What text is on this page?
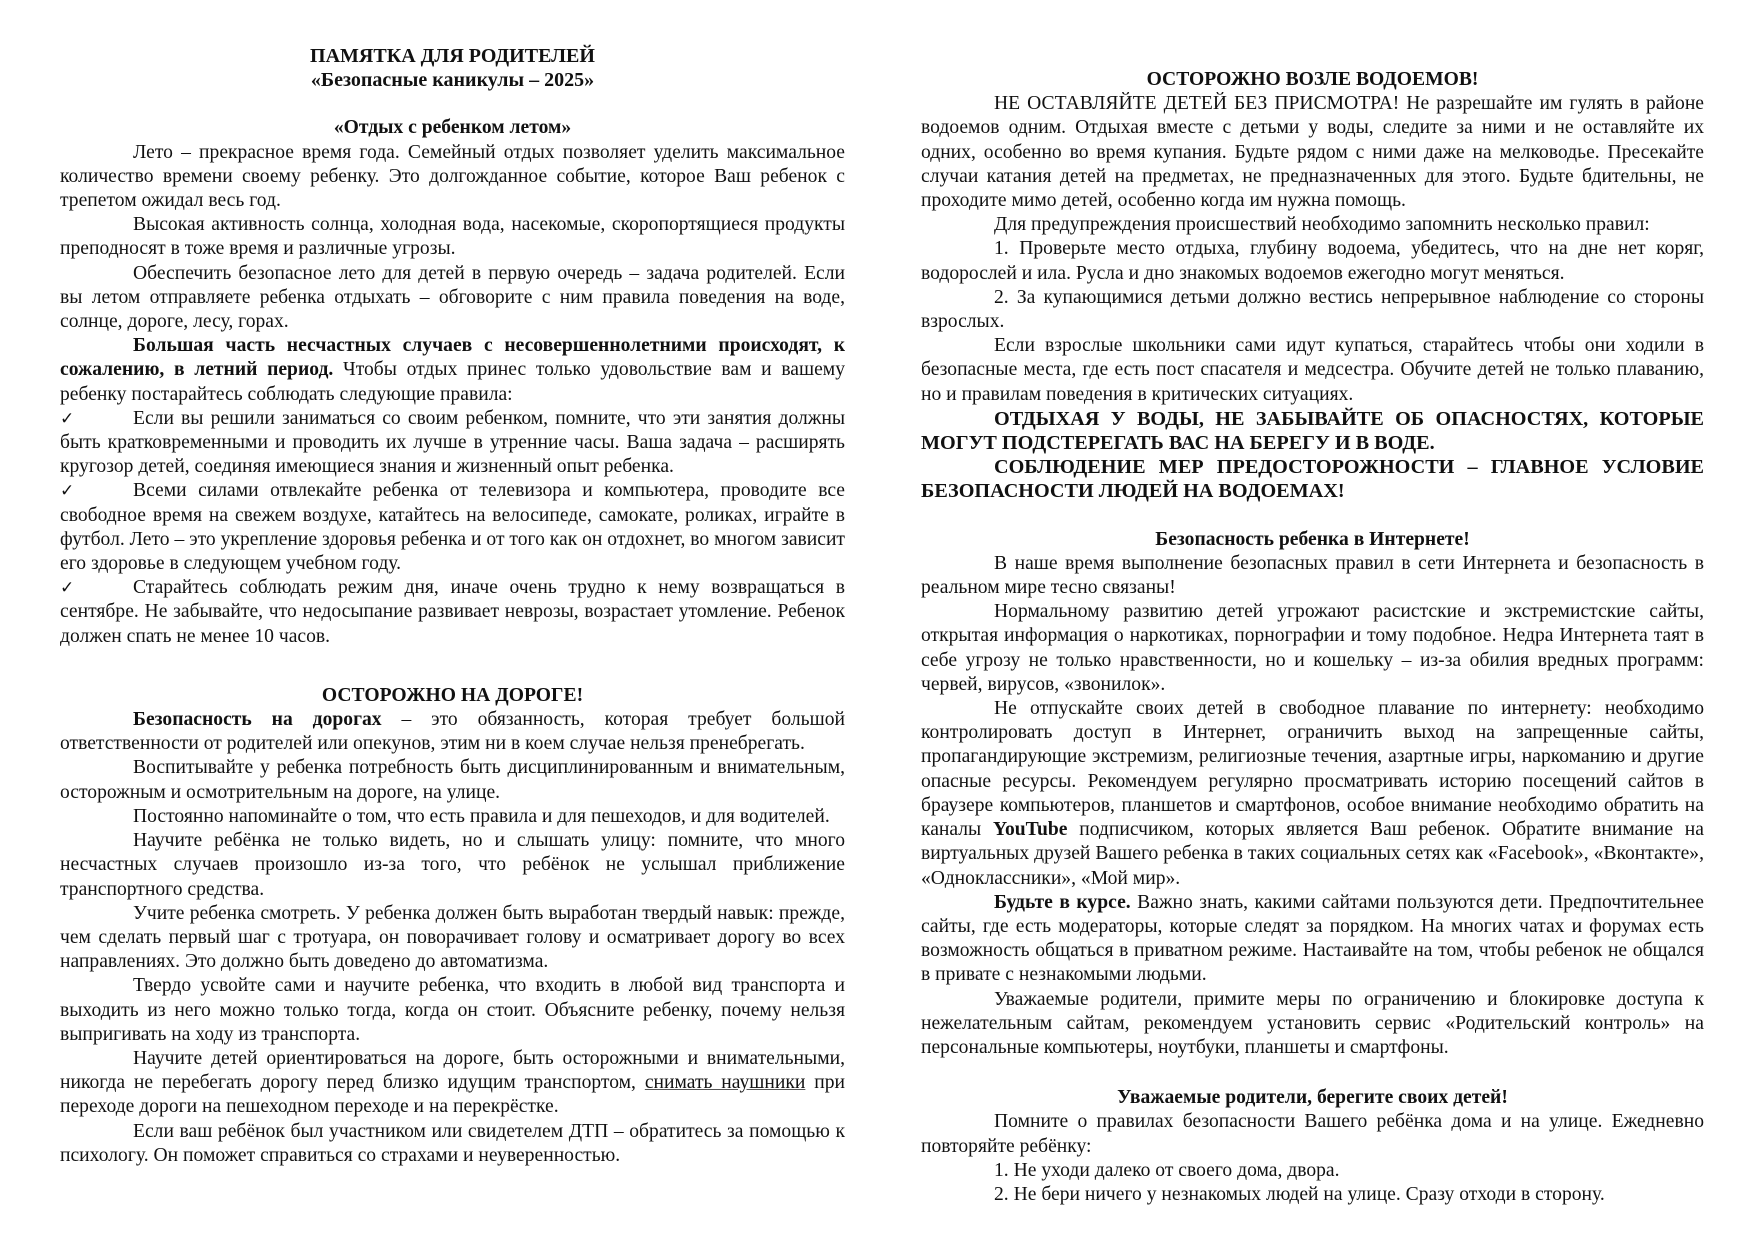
ПАМЯТКА ДЛЯ РОДИТЕЛЕЙ
«Безопасные каникулы – 2025»
«Отдых с ребенком летом»

Лето – прекрасное время года. Семейный отдых позволяет уделить максимальное количество времени своему ребенку. Это долгожданное событие, которое Ваш ребенок с трепетом ожидал весь год.

Высокая активность солнца, холодная вода, насекомые, скоропортящиеся продукты преподносят в тоже время и различные угрозы.

Обеспечить безопасное лето для детей в первую очередь – задача родителей. Если вы летом отправляете ребенка отдыхать – обговорите с ним правила поведения на воде, солнце, дороге, лесу, горах.

Большая часть несчастных случаев с несовершеннолетними происходят, к сожалению, в летний период. Чтобы отдых принес только удовольствие вам и вашему ребенку постарайтесь соблюдать следующие правила:

✓	Если вы решили заниматься со своим ребенком, помните, что эти занятия должны быть кратковременными и проводить их лучше в утренние часы. Ваша задача – расширять кругозор детей, соединяя имеющиеся знания и жизненный опыт ребенка.

✓	Всеми силами отвлекайте ребенка от телевизора и компьютера, проводите все свободное время на свежем воздухе, катайтесь на велосипеде, самокате, роликах, играйте в футбол. Лето – это укрепление здоровья ребенка и от того как он отдохнет, во многом зависит его здоровье в следующем учебном году.

✓	Старайтесь соблюдать режим дня, иначе очень трудно к нему возвращаться в сентябре. Не забывайте, что недосыпание развивает неврозы, возрастает утомление. Ребенок должен спать не менее 10 часов.

ОСТОРОЖНО НА ДОРОГЕ!

Безопасность на дорогах – это обязанность, которая требует большой ответственности от родителей или опекунов, этим ни в коем случае нельзя пренебрегать.

Воспитывайте у ребенка потребность быть дисциплинированным и внимательным, осторожным и осмотрительным на дороге, на улице.

Постоянно напоминайте о том, что есть правила и для пешеходов, и для водителей.

Научите ребёнка не только видеть, но и слышать улицу: помните, что много несчастных случаев произошло из-за того, что ребёнок не услышал приближение транспортного средства.

Учите ребенка смотреть. У ребенка должен быть выработан твердый навык: прежде, чем сделать первый шаг с тротуара, он поворачивает голову и осматривает дорогу во всех направлениях. Это должно быть доведено до автоматизма.

Твердо усвойте сами и научите ребенка, что входить в любой вид транспорта и выходить из него можно только тогда, когда он стоит. Объясните ребенку, почему нельзя выпригивать на ходу из транспорта.

Научите детей ориентироваться на дороге, быть осторожными и внимательными, никогда не перебегать дорогу перед близко идущим транспортом, снимать наушники при переходе дороги на пешеходном переходе и на перекрёстке.

Если ваш ребёнок был участником или свидетелем ДТП – обратитесь за помощью к психологу. Он поможет справиться со страхами и неуверенностью.

ОСТОРОЖНО ВОЗЛЕ ВОДОЕМОВ!

НЕ ОСТАВЛЯЙТЕ ДЕТЕЙ БЕЗ ПРИСМОТРА! Не разрешайте им гулять в районе водоемов одним. Отдыхая вместе с детьми у воды, следите за ними и не оставляйте их одних, особенно во время купания. Будьте рядом с ними даже на мелководье. Пресекайте случаи катания детей на предметах, не предназначенных для этого. Будьте бдительны, не проходите мимо детей, особенно когда им нужна помощь.

Для предупреждения происшествий необходимо запомнить несколько правил:

1. Проверьте место отдыха, глубину водоема, убедитесь, что на дне нет коряг, водорослей и ила. Русла и дно знакомых водоемов ежегодно могут меняться.

2. За купающимися детьми должно вестись непрерывное наблюдение со стороны взрослых.

Если взрослые школьники сами идут купаться, старайтесь чтобы они ходили в безопасные места, где есть пост спасателя и медсестра. Обучите детей не только плаванию, но и правилам поведения в критических ситуациях.

ОТДЫХАЯ У ВОДЫ, НЕ ЗАБЫВАЙТЕ ОБ ОПАСНОСТЯХ, КОТОРЫЕ МОГУТ ПОДСТЕРЕГАТЬ ВАС НА БЕРЕГУ И В ВОДЕ.

СОБЛЮДЕНИЕ МЕР ПРЕДОСТОРОЖНОСТИ – ГЛАВНОЕ УСЛОВИЕ БЕЗОПАСНОСТИ ЛЮДЕЙ НА ВОДОЕМАХ!

Безопасность ребенка в Интернете!

В наше время выполнение безопасных правил в сети Интернета и безопасность в реальном мире тесно связаны!

Нормальному развитию детей угрожают расистские и экстремистские сайты, открытая информация о наркотиках, порнографии и тому подобное. Недра Интернета таят в себе угрозу не только нравственности, но и кошельку – из-за обилия вредных программ: червей, вирусов, «звонилок».

Не отпускайте своих детей в свободное плавание по интернету: необходимо контролировать доступ в Интернет, ограничить выход на запрещенные сайты, пропагандирующие экстремизм, религиозные течения, азартные игры, наркоманию и другие опасные ресурсы. Рекомендуем регулярно просматривать историю посещений сайтов в браузере компьютеров, планшетов и смартфонов, особое внимание необходимо обратить на каналы YouTube подписчиком, которых является Ваш ребенок. Обратите внимание на виртуальных друзей Вашего ребенка в таких социальных сетях как «Facebook», «Вконтакте», «Одноклассники», «Мой мир».

Будьте в курсе. Важно знать, какими сайтами пользуются дети. Предпочтительнее сайты, где есть модераторы, которые следят за порядком. На многих чатах и форумах есть возможность общаться в приватном режиме. Настаивайте на том, чтобы ребенок не общался в привате с незнакомыми людьми.

Уважаемые родители, примите меры по ограничению и блокировке доступа к нежелательным сайтам, рекомендуем установить сервис «Родительский контроль» на персональные компьютеры, ноутбуки, планшеты и смартфоны.

Уважаемые родители, берегите своих детей!

Помните о правилах безопасности Вашего ребёнка дома и на улице. Ежедневно повторяйте ребёнку:

1. Не уходи далеко от своего дома, двора.

2. Не бери ничего у незнакомых людей на улице. Сразу отходи в сторону.
